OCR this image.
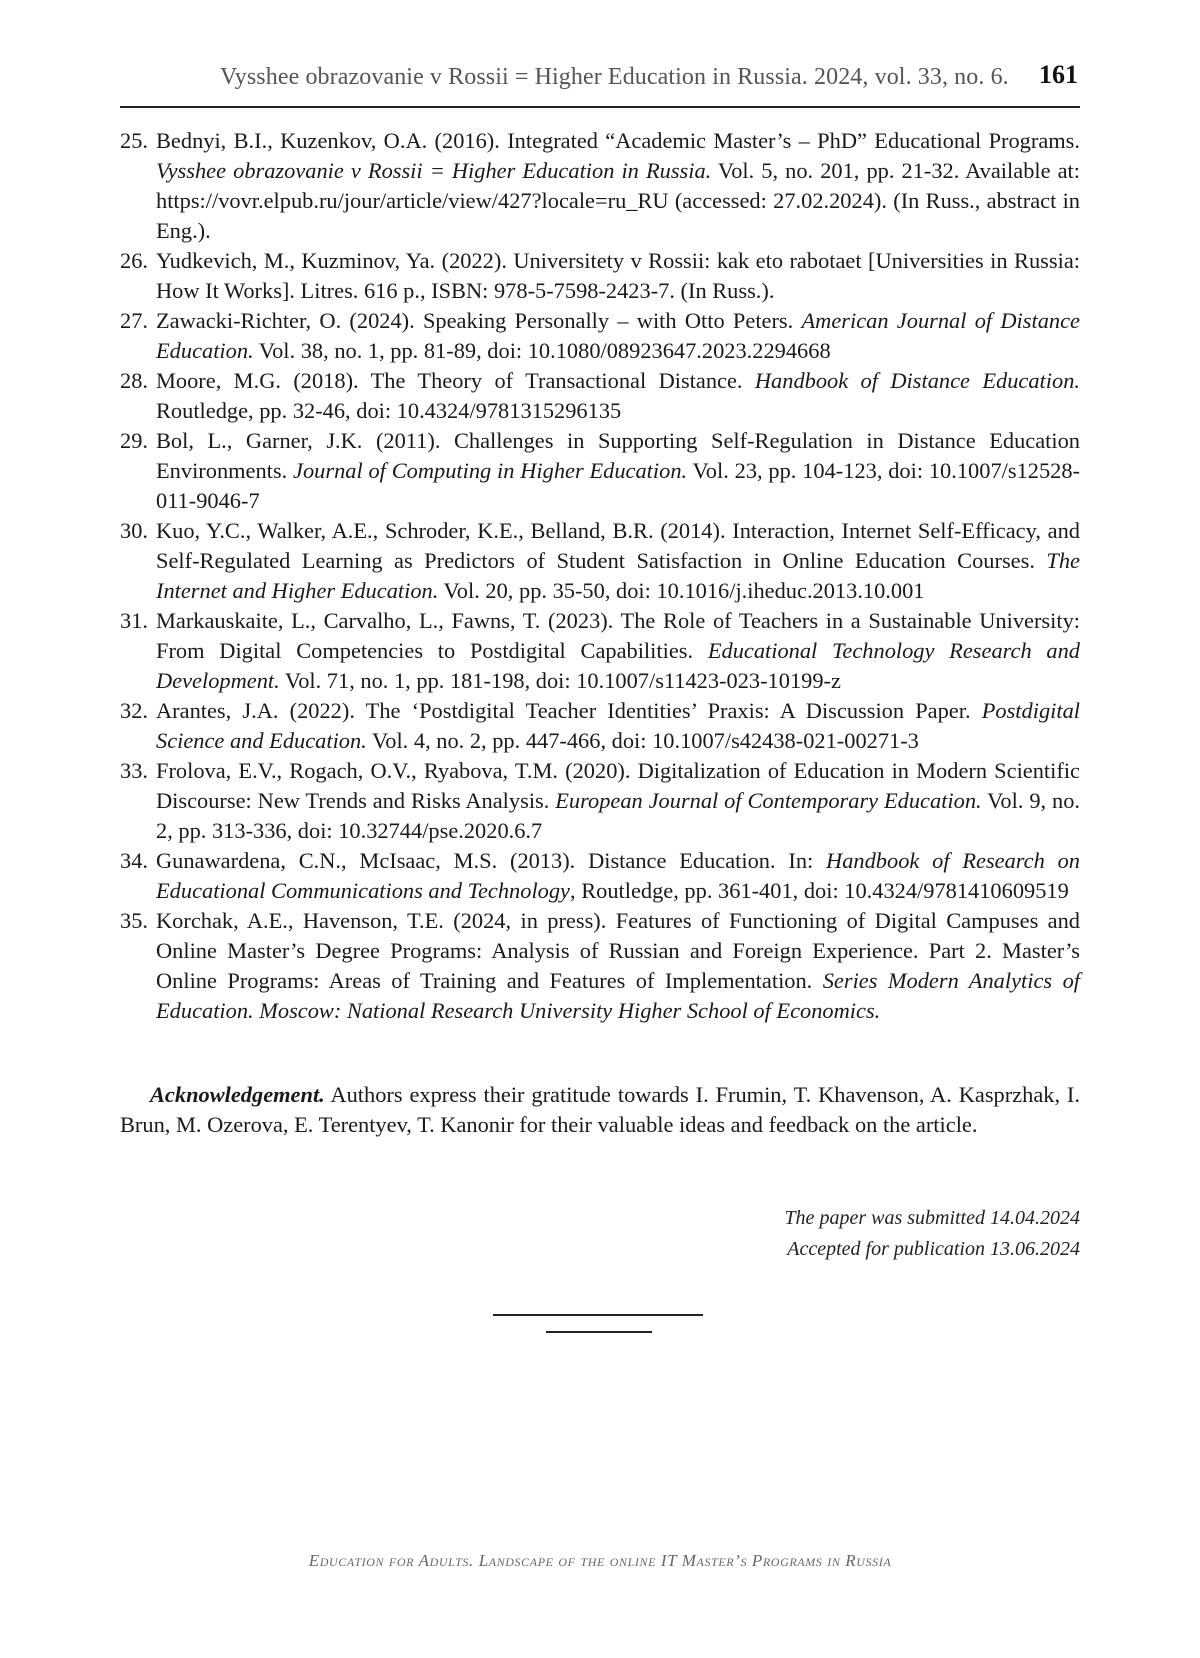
Vysshee obrazovanie v Rossii = Higher Education in Russia. 2024, vol. 33, no. 6. 161
25. Bednyi, B.I., Kuzenkov, O.A. (2016). Integrated “Academic Master’s – PhD” Educational Programs. Vysshee obrazovanie v Rossii = Higher Education in Russia. Vol. 5, no. 201, pp. 21-32. Available at: https://vovr.elpub.ru/jour/article/view/427?locale=ru_RU (accessed: 27.02.2024). (In Russ., abstract in Eng.).
26. Yudkevich, M., Kuzminov, Ya. (2022). Universitety v Rossii: kak eto rabotaet [Universities in Russia: How It Works]. Litres. 616 p., ISBN: 978-5-7598-2423-7. (In Russ.).
27. Zawacki-Richter, O. (2024). Speaking Personally – with Otto Peters. American Journal of Distance Education. Vol. 38, no. 1, pp. 81-89, doi: 10.1080/08923647.2023.2294668
28. Moore, M.G. (2018). The Theory of Transactional Distance. Handbook of Distance Education. Routledge, pp. 32-46, doi: 10.4324/9781315296135
29. Bol, L., Garner, J.K. (2011). Challenges in Supporting Self-Regulation in Distance Education Environments. Journal of Computing in Higher Education. Vol. 23, pp. 104-123, doi: 10.1007/s12528-011-9046-7
30. Kuo, Y.C., Walker, A.E., Schroder, K.E., Belland, B.R. (2014). Interaction, Internet Self-Efficacy, and Self-Regulated Learning as Predictors of Student Satisfaction in Online Education Courses. The Internet and Higher Education. Vol. 20, pp. 35-50, doi: 10.1016/j.iheduc.2013.10.001
31. Markauskaite, L., Carvalho, L., Fawns, T. (2023). The Role of Teachers in a Sustainable University: From Digital Competencies to Postdigital Capabilities. Educational Technology Research and Development. Vol. 71, no. 1, pp. 181-198, doi: 10.1007/s11423-023-10199-z
32. Arantes, J.A. (2022). The ‘Postdigital Teacher Identities’ Praxis: A Discussion Paper. Postdigital Science and Education. Vol. 4, no. 2, pp. 447-466, doi: 10.1007/s42438-021-00271-3
33. Frolova, E.V., Rogach, O.V., Ryabova, T.M. (2020). Digitalization of Education in Modern Scientific Discourse: New Trends and Risks Analysis. European Journal of Contemporary Education. Vol. 9, no. 2, pp. 313-336, doi: 10.32744/pse.2020.6.7
34. Gunawardena, C.N., McIsaac, M.S. (2013). Distance Education. In: Handbook of Research on Educational Communications and Technology, Routledge, pp. 361-401, doi: 10.4324/9781410609519
35. Korchak, A.E., Havenson, T.E. (2024, in press). Features of Functioning of Digital Campuses and Online Master’s Degree Programs: Analysis of Russian and Foreign Experience. Part 2. Master’s Online Programs: Areas of Training and Features of Implementation. Series Modern Analytics of Education. Moscow: National Research University Higher School of Economics.

Acknowledgement. Authors express their gratitude towards I. Frumin, T. Khavenson, A. Kasprzhak, I. Brun, M. Ozerova, E. Terentyev, T. Kanonir for their valuable ideas and feedback on the article.

The paper was submitted 14.04.2024
Accepted for publication 13.06.2024
Education for Adults. Landscape of the online IT Master’s Programs in Russia
